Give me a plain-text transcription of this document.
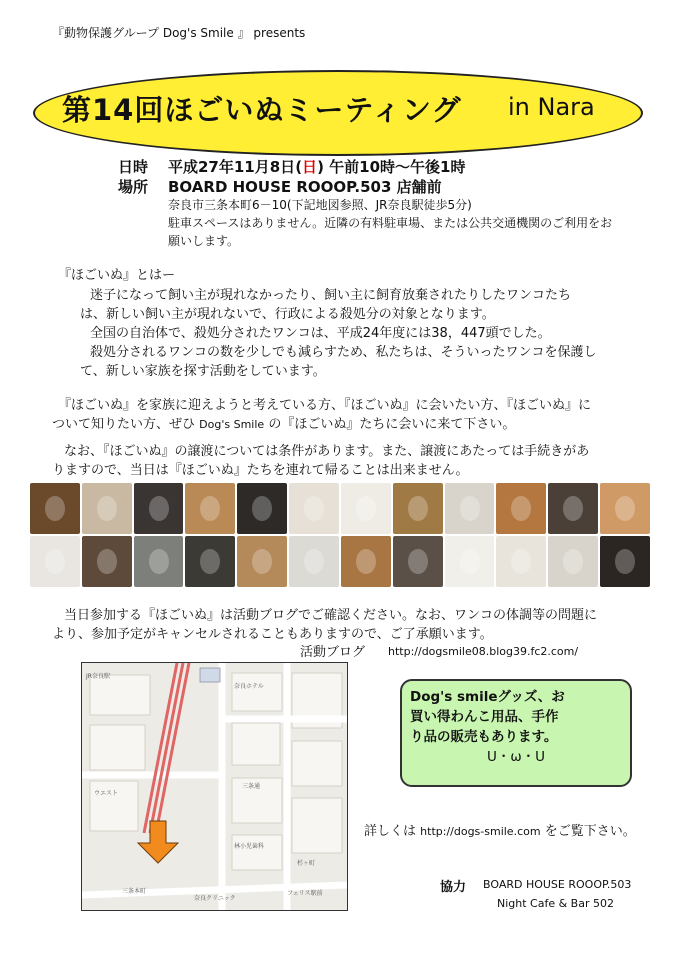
『動物保護グループ Dog's Smile 』 presents
第14回ほごいぬミーティング in Nara
日時 平成27年11月8日(日) 午前10時～午後1時
場所 BOARD HOUSE ROOOP.503 店舗前
奈良市三条本町6－10(下記地図参照、JR奈良駅徒歩5分)
駐車スペースはありません。近隣の有料駐車場、または公共交通機関のご利用をお
願いします。
『ほごいぬ』とはー
迷子になって飼い主が現れなかったり、飼い主に飼育放棄されたりしたワンコたち
は、新しい飼い主が現れないで、行政による殺処分の対象となります。
全国の自治体で、殺処分されたワンコは、平成24年度には38，447頭でした。
殺処分されるワンコの数を少しでも減らすため、私たちは、そういったワンコを保護し
て、新しい家族を探す活動をしています。
『ほごいぬ』を家族に迎えようと考えている方、『ほごいぬ』に会いたい方、『ほごいぬ』に
ついて知りたい方、ぜひ Dog's Smile の『ほごいぬ』たちに会いに来て下さい。
なお、『ほごいぬ』の譲渡については条件があります。また、譲渡にあたっては手続きがあ
りますので、当日は『ほごいぬ』たちを連れて帰ることは出来ません。
当日参加する『ほごいぬ』は活動ブログでご確認ください。なお、ワンコの体調等の問題に
より、参加予定がキャンセルされることもありますので、ご了承願います。
活動ブログ http://dogsmile08.blog39.fc2.com/
JR奈良駅
三条本町
杉ヶ町
奈良ホテル
ウエスト
林小児歯科
フェリス駅前
奈良クリニック
三条通
Dog's smileグッズ、お
買い得わんこ用品、手作
り品の販売もあります。
U・ω・U
詳しくは http://dogs-smile.com をご覧下さい。
協力 BOARD HOUSE ROOOP.503
Night Cafe & Bar 502
